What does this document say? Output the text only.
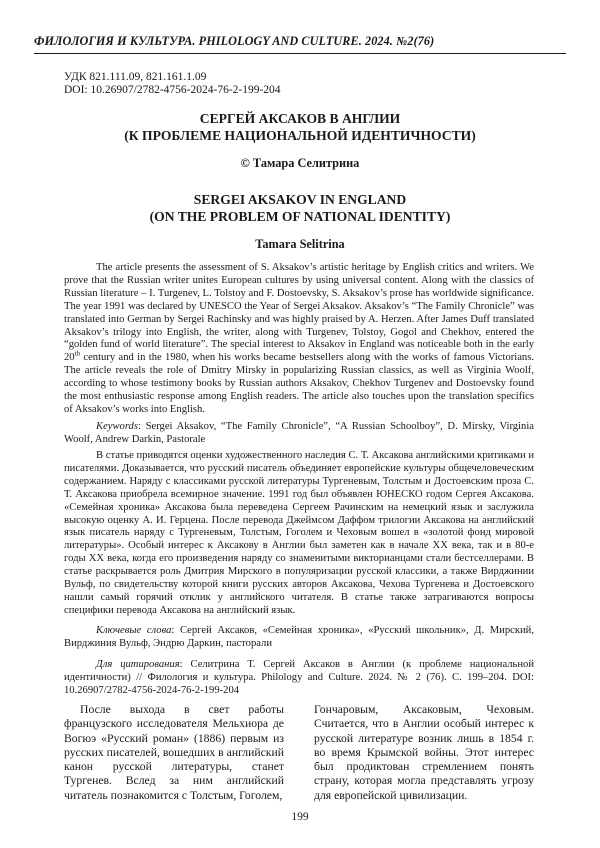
ФИЛОЛОГИЯ И КУЛЬТУРА. PHILOLOGY AND CULTURE. 2024. №2(76)
УДК 821.111.09, 821.161.1.09
DOI: 10.26907/2782-4756-2024-76-2-199-204
СЕРГЕЙ АКСАКОВ В АНГЛИИ
(К ПРОБЛЕМЕ НАЦИОНАЛЬНОЙ ИДЕНТИЧНОСТИ)
© Тамара Селитрина
SERGEI AKSAKOV IN ENGLAND
(ON THE PROBLEM OF NATIONAL IDENTITY)
Tamara Selitrina
The article presents the assessment of S. Aksakov’s artistic heritage by English critics and writers. We prove that the Russian writer unites European cultures by using universal content. Along with the classics of Russian literature – I. Turgenev, L. Tolstoy and F. Dostoevsky, S. Aksakov’s prose has worldwide significance. The year 1991 was declared by UNESCO the Year of Sergei Aksakov. Aksakov’s “The Family Chronicle” was translated into German by Sergei Rachinsky and was highly praised by A. Herzen. After James Duff translated Aksakov’s trilogy into English, the writer, along with Turgenev, Tolstoy, Gogol and Chekhov, entered the “golden fund of world literature”. The special interest to Aksakov in England was noticeable both in the early 20th century and in the 1980, when his works became bestsellers along with the works of famous Victorians. The article reveals the role of Dmitry Mirsky in popularizing Russian classics, as well as Virginia Woolf, according to whose testimony books by Russian authors Aksakov, Chekhov Turgenev and Dostoevsky found the most enthusiastic response among English readers. The article also touches upon the translation specifics of Aksakov’s works into English.
Keywords: Sergei Aksakov, “The Family Chronicle”, “A Russian Schoolboy”, D. Mirsky, Virginia Woolf, Andrew Darkin, Pastorale
В статье приводятся оценки художественного наследия С. Т. Аксакова английскими критиками и писателями. Доказывается, что русский писатель объединяет европейские культуры общечеловеческим содержанием. Наряду с классиками русской литературы Тургеневым, Толстым и Достоевским проза С. Т. Аксакова приобрела всемирное значение. 1991 год был объявлен ЮНЕСКО годом Сергея Аксакова. «Семейная хроника» Аксакова была переведена Сергеем Рачинским на немецкий язык и заслужила высокую оценку А. И. Герцена. После перевода Джеймсом Даффом трилогии Аксакова на английский язык писатель наряду с Тургеневым, Толстым, Гоголем и Чеховым вошел в «золотой фонд мировой литературы». Особый интерес к Аксакову в Англии был заметен как в начале XX века, так и в 80-е годы XX века, когда его произведения наряду со знаменитыми викторианцами стали бестселлерами. В статье раскрывается роль Дмитрия Мирского в популяризации русской классики, а также Вирджинии Вульф, по свидетельству которой книги русских авторов Аксакова, Чехова Тургенева и Достоевского нашли самый горячий отклик у английского читателя. В статье также затрагиваются вопросы специфики перевода Аксакова на английский язык.
Ключевые слова: Сергей Аксаков, «Семейная хроника», «Русский школьник», Д. Мирский, Вирджиния Вульф, Эндрю Даркин, пасторали
Для цитирования: Селитрина Т. Сергей Аксаков в Англии (к проблеме национальной идентичности) // Филология и культура. Philology and Culture. 2024. № 2 (76). С. 199–204. DOI: 10.26907/2782-4756-2024-76-2-199-204
После выхода в свет работы французского исследователя Мельхиора де Вогюэ «Русский роман» (1886) первым из русских писателей, вошедших в английский канон русской литературы, станет Тургенев. Вслед за ним английский читатель познакомится с Толстым, Гоголем,
Гончаровым, Аксаковым, Чеховым. Считается, что в Англии особый интерес к русской литературе возник лишь в 1854 г. во время Крымской войны. Этот интерес был продиктован стремлением понять страну, которая могла представлять угрозу для европейской цивилизации.
199
